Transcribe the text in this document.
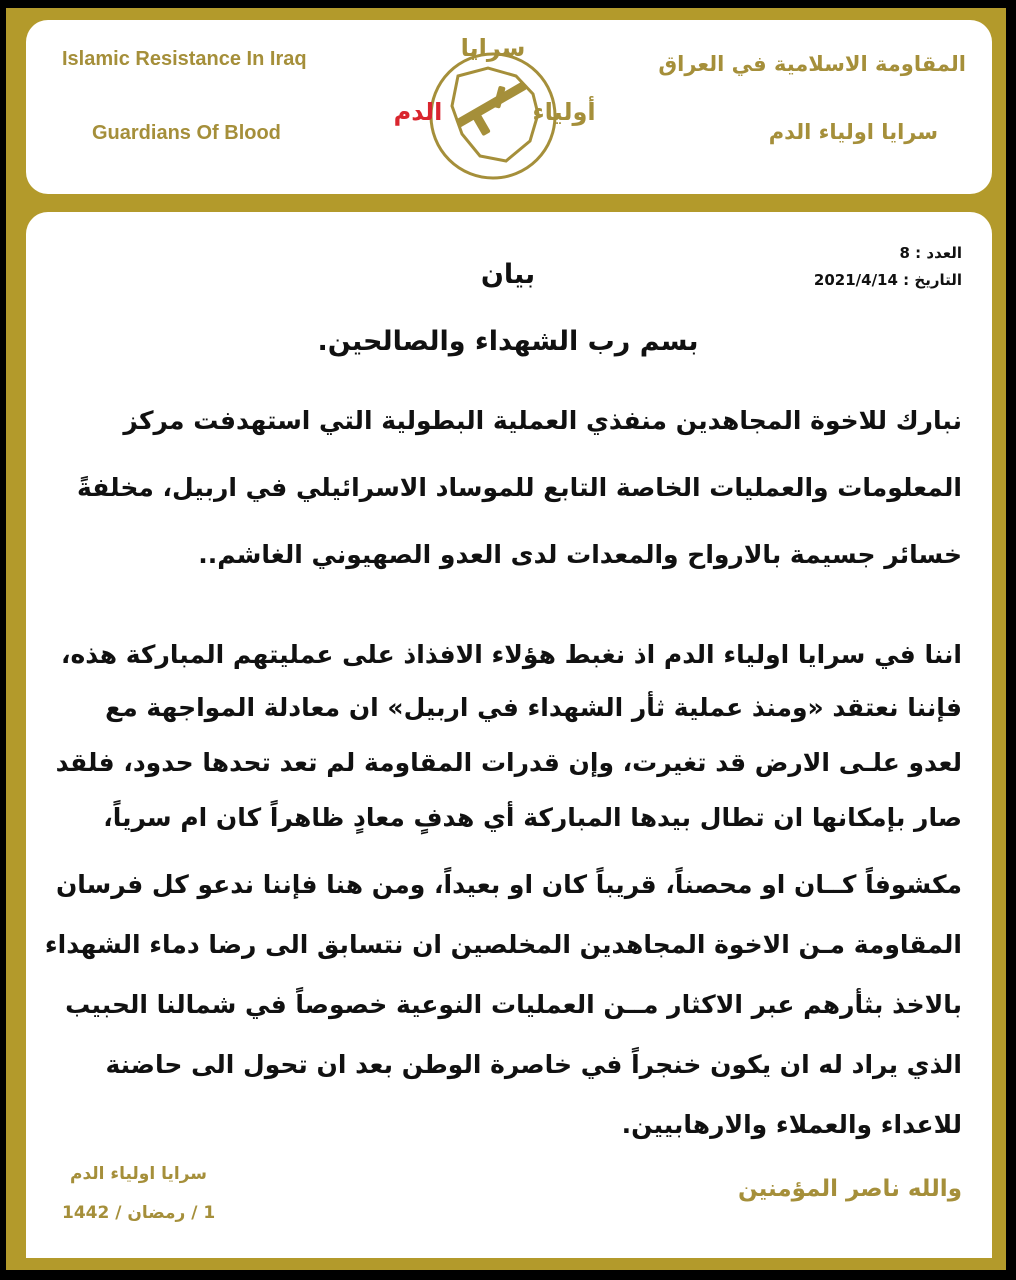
Islamic Resistance In Iraq
Guardians Of Blood
المقاومة الاسلامية في العراق
سرايا اولياء الدم
سرايا
أولياء
الدم
العدد : 8
التاريخ : 2021/4/14
بيان
بسم رب الشهداء والصالحين.
نبارك للاخوة المجاهدين منفذي العملية البطولية التي استهدفت مركز
المعلومات والعمليات الخاصة التابع للموساد الاسرائيلي في اربيل، مخلفةً
خسائر جسيمة بالارواح والمعدات لدى العدو الصهيوني الغاشم..
اننا في سرايا اولياء الدم اذ نغبط هؤلاء الافذاذ على عمليتهم المباركة هذه،
فإننا نعتقد «ومنذ عملية ثأر الشهداء في اربيل» ان معادلة المواجهة مع
لعدو علـى الارض قد تغيرت، وإن قدرات المقاومة لم تعد تحدها حدود، فلقد
صار بإمكانها ان تطال بيدها المباركة أي هدفٍ معادٍ ظاهراً كان ام سرياً،
مكشوفاً كــان او محصناً، قريباً كان او بعيداً، ومن هنا فإننا ندعو كل فرسان
المقاومة مـن الاخوة المجاهدين المخلصين ان نتسابق الى رضا دماء الشهداء
بالاخذ بثأرهم عبر الاكثار مــن العمليات النوعية خصوصاً في شمالنا الحبيب
الذي يراد له ان يكون خنجراً في خاصرة الوطن بعد ان تحول الى حاضنة
للاعداء والعملاء والارهابيين.
والله ناصر المؤمنين
سرايا اولياء الدم
1 / رمضان / 1442
